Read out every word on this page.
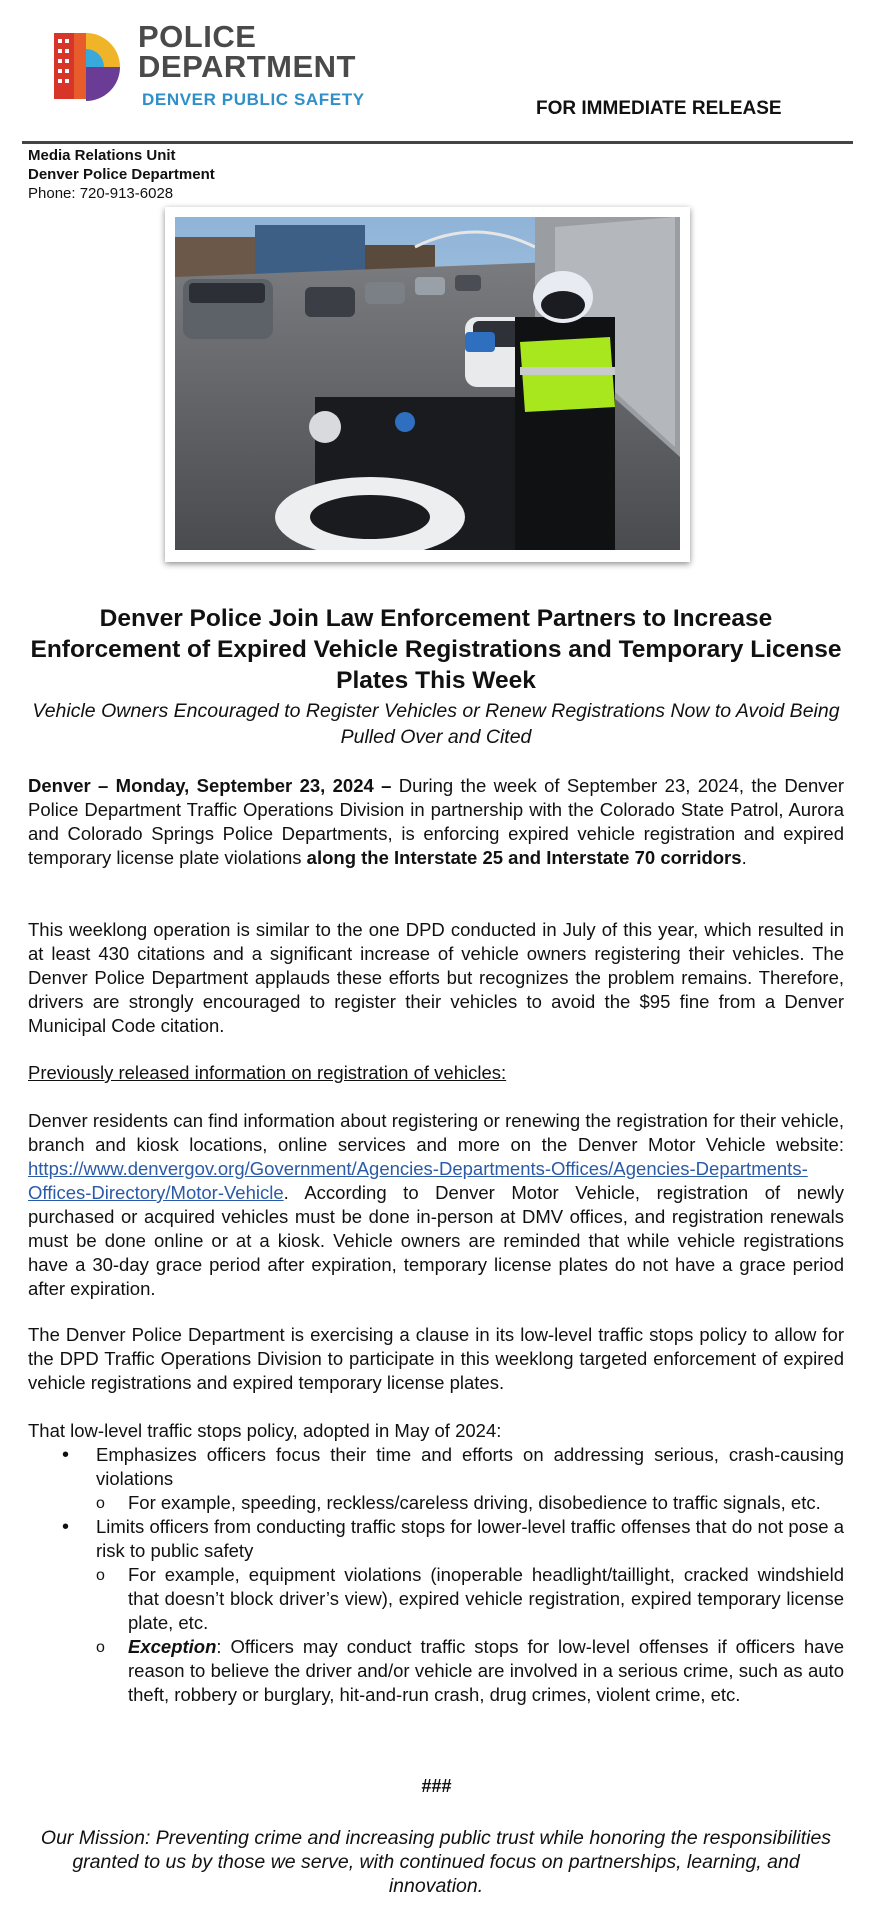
POLICE
DEPARTMENT
DENVER PUBLIC SAFETY	FOR IMMEDIATE RELEASE
Media Relations Unit
Denver Police Department
Phone: 720-913-6028
Denver Police Join Law Enforcement Partners to Increase Enforcement of Expired Vehicle Registrations and Temporary License Plates This Week
Vehicle Owners Encouraged to Register Vehicles or Renew Registrations Now to Avoid Being Pulled Over and Cited

Denver – Monday, September 23, 2024 – During the week of September 23, 2024, the Denver Police Department Traffic Operations Division in partnership with the Colorado State Patrol, Aurora and Colorado Springs Police Departments, is enforcing expired vehicle registration and expired temporary license plate violations along the Interstate 25 and Interstate 70 corridors.

This weeklong operation is similar to the one DPD conducted in July of this year, which resulted in at least 430 citations and a significant increase of vehicle owners registering their vehicles. The Denver Police Department applauds these efforts but recognizes the problem remains. Therefore, drivers are strongly encouraged to register their vehicles to avoid the $95 fine from a Denver Municipal Code citation.
Previously released information on registration of vehicles:

Denver residents can find information about registering or renewing the registration for their vehicle, branch and kiosk locations, online services and more on the Denver Motor Vehicle website: https://www.denvergov.org/Government/Agencies-Departments-Offices/Agencies-Departments-Offices-Directory/Motor-Vehicle. According to Denver Motor Vehicle, registration of newly purchased or acquired vehicles must be done in-person at DMV offices, and registration renewals must be done online or at a kiosk. Vehicle owners are reminded that while vehicle registrations have a 30-day grace period after expiration, temporary license plates do not have a grace period after expiration.

The Denver Police Department is exercising a clause in its low-level traffic stops policy to allow for the DPD Traffic Operations Division to participate in this weeklong targeted enforcement of expired vehicle registrations and expired temporary license plates.
That low-level traffic stops policy, adopted in May of 2024:
• Emphasizes officers focus their time and efforts on addressing serious, crash-causing violations
o For example, speeding, reckless/careless driving, disobedience to traffic signals, etc.
• Limits officers from conducting traffic stops for lower-level traffic offenses that do not pose a risk to public safety
o For example, equipment violations (inoperable headlight/taillight, cracked windshield that doesn’t block driver’s view), expired vehicle registration, expired temporary license plate, etc.
o Exception: Officers may conduct traffic stops for low-level offenses if officers have reason to believe the driver and/or vehicle are involved in a serious crime, such as auto theft, robbery or burglary, hit-and-run crash, drug crimes, violent crime, etc.
###
Our Mission: Preventing crime and increasing public trust while honoring the responsibilities granted to us by those we serve, with continued focus on partnerships, learning, and innovation.
